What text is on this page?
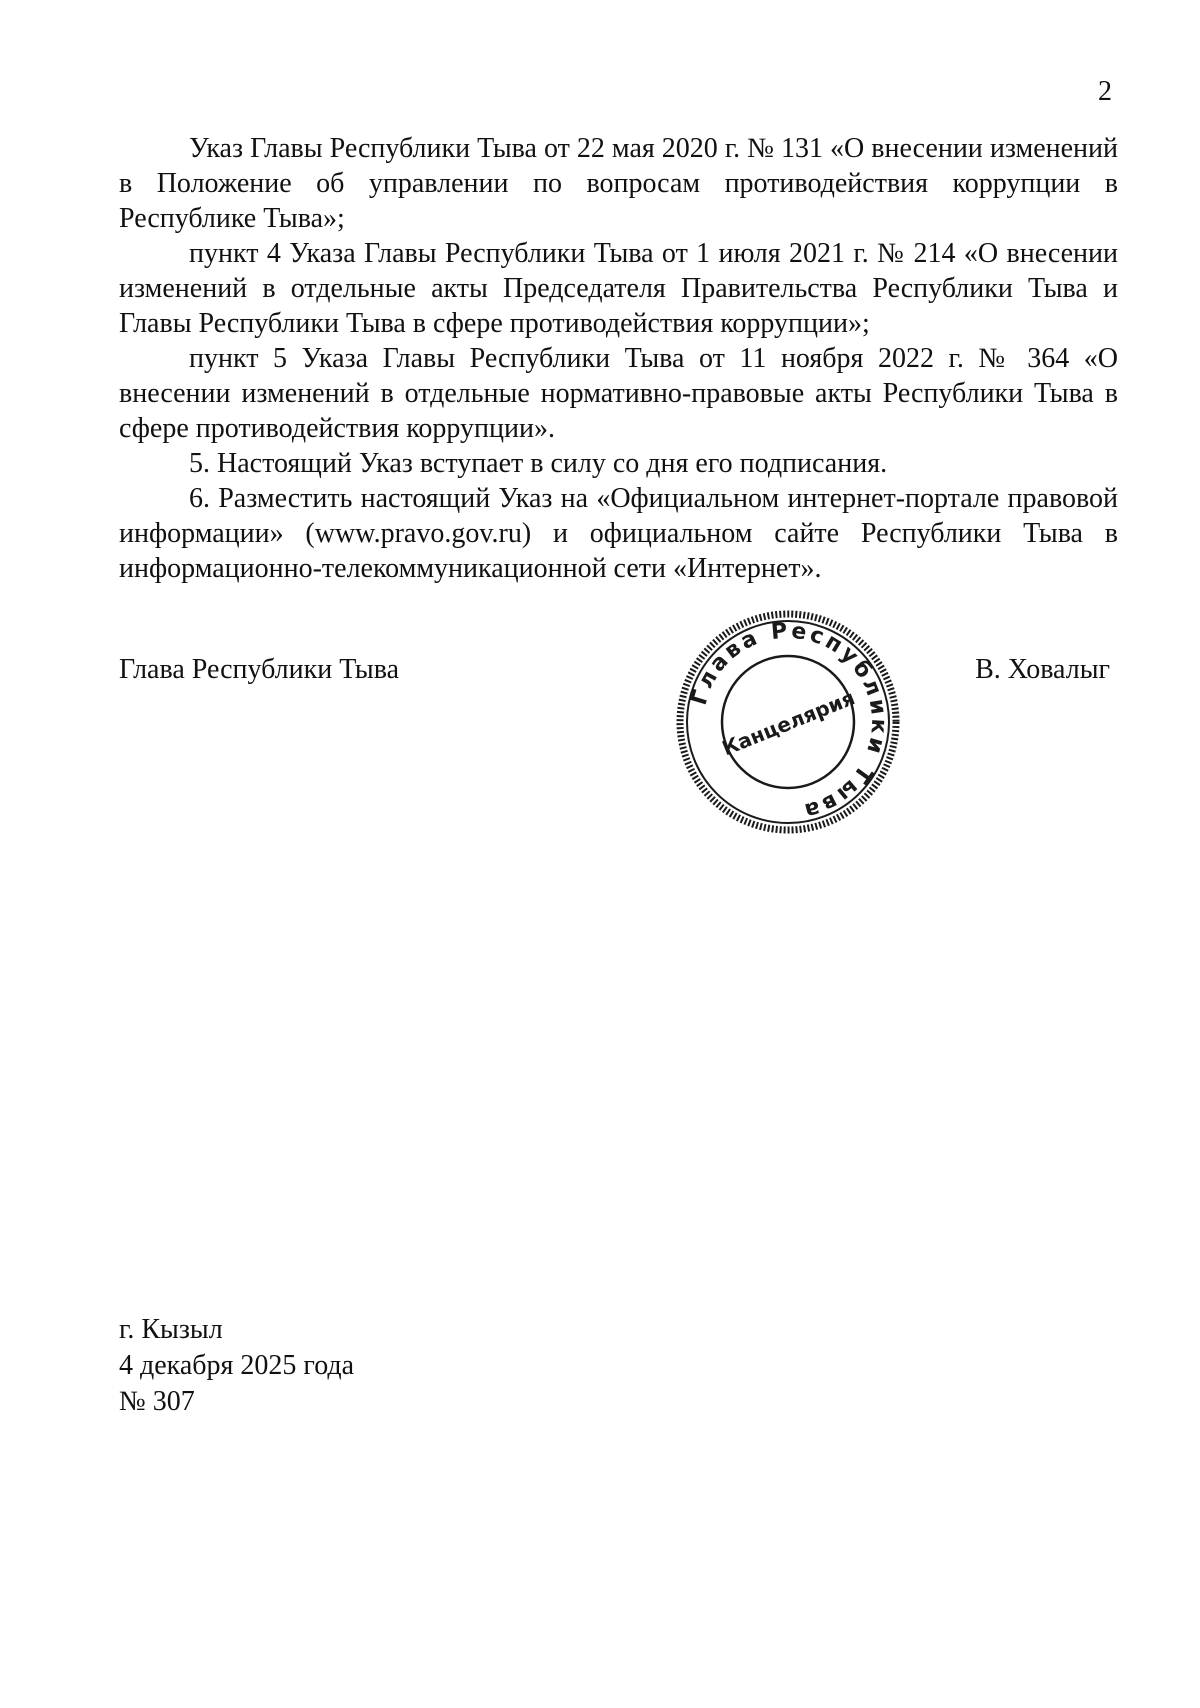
2

Указ Главы Республики Тыва от 22 мая 2020 г. № 131 «О внесении изменений в Положение об управлении по вопросам противодействия коррупции в Республике Тыва»;

пункт 4 Указа Главы Республики Тыва от 1 июля 2021 г. № 214 «О внесении изменений в отдельные акты Председателя Правительства Республики Тыва и Главы Республики Тыва в сфере противодействия коррупции»;

пункт 5 Указа Главы Республики Тыва от 11 ноября 2022 г. № 364 «О внесении изменений в отдельные нормативно-правовые акты Республики Тыва в сфере противодействия коррупции».

5. Настоящий Указ вступает в силу со дня его подписания.

6. Разместить настоящий Указ на «Официальном интернет-портале правовой информации» (www.pravo.gov.ru) и официальном сайте Республики Тыва в информационно-телекоммуникационной сети «Интернет».

Глава Республики Тыва
Глава Республики Тыва
Канцелярия
В. Ховалыг
г. Кызыл
4 декабря 2025 года
№ 307
